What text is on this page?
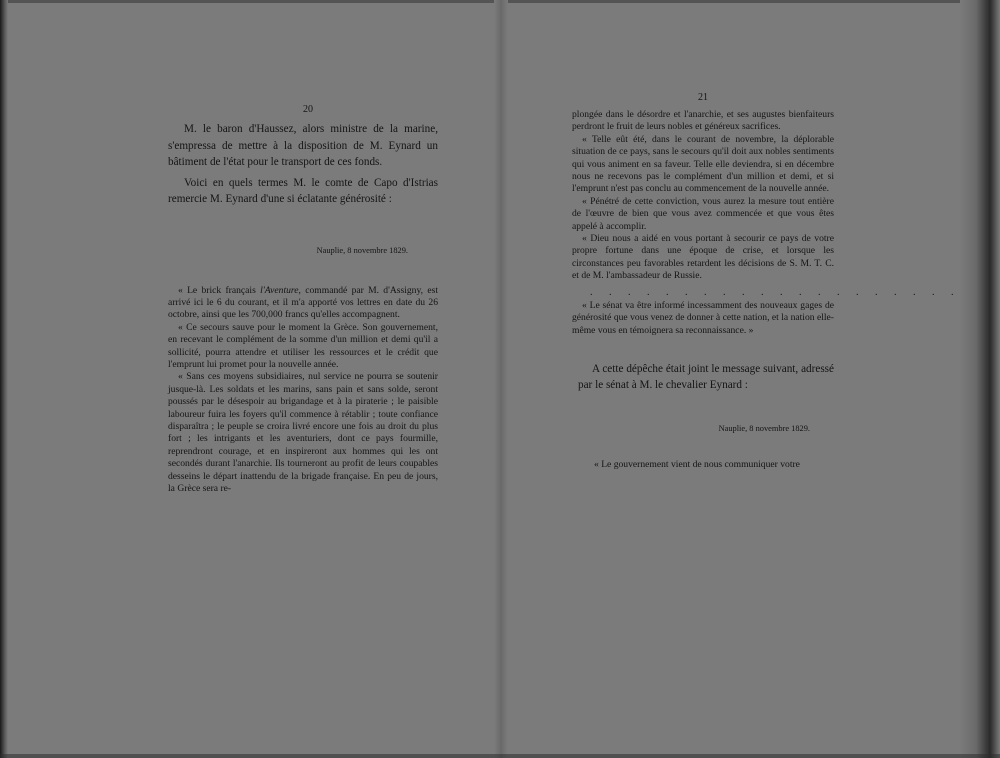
20

M. le baron d'Haussez, alors ministre de la marine, s'empressa de mettre à la disposition de M. Eynard un bâtiment de l'état pour le transport de ces fonds.

Voici en quels termes M. le comte de Capo d'Istrias remercie M. Eynard d'une si éclatante générosité :

Nauplie, 8 novembre 1829.

« Le brick français l'Aventure, commandé par M. d'Assigny, est arrivé ici le 6 du courant, et il m'a apporté vos lettres en date du 26 octobre, ainsi que les 700,000 francs qu'elles accompagnent.

« Ce secours sauve pour le moment la Grèce. Son gouvernement, en recevant le complément de la somme d'un million et demi qu'il a sollicité, pourra attendre et utiliser les ressources et le crédit que l'emprunt lui promet pour la nouvelle année.

« Sans ces moyens subsidiaires, nul service ne pourra se soutenir jusque-là. Les soldats et les marins, sans pain et sans solde, seront poussés par le désespoir au brigandage et à la piraterie ; le paisible laboureur fuira les foyers qu'il commence à rétablir ; toute confiance disparaîtra ; le peuple se croira livré encore une fois au droit du plus fort ; les intrigants et les aventuriers, dont ce pays fourmille, reprendront courage, et en inspireront aux hommes qui les ont secondés durant l'anarchie. Ils tourneront au profit de leurs coupables desseins le départ inattendu de la brigade française. En peu de jours, la Grèce sera re-

21

plongée dans le désordre et l'anarchie, et ses augustes bienfaiteurs perdront le fruit de leurs nobles et généreux sacrifices.

« Telle eût été, dans le courant de novembre, la déplorable situation de ce pays, sans le secours qu'il doit aux nobles sentiments qui vous animent en sa faveur. Telle elle deviendra, si en décembre nous ne recevons pas le complément d'un million et demi, et si l'emprunt n'est pas conclu au commencement de la nouvelle année.

« Pénétré de cette conviction, vous aurez la mesure tout entière de l'œuvre de bien que vous avez commencée et que vous êtes appelé à accomplir.

« Dieu nous a aidé en vous portant à secourir ce pays de votre propre fortune dans une époque de crise, et lorsque les circonstances peu favorables retardent les décisions de S. M. T. C. et de M. l'ambassadeur de Russie.

. . . . . . . . . . . . . . . . . . . .

« Le sénat va être informé incessamment des nouveaux gages de générosité que vous venez de donner à cette nation, et la nation elle-même vous en témoignera sa reconnaissance. »

A cette dépêche était joint le message suivant, adressé par le sénat à M. le chevalier Eynard :

Nauplie, 8 novembre 1829.

« Le gouvernement vient de nous communiquer votre
